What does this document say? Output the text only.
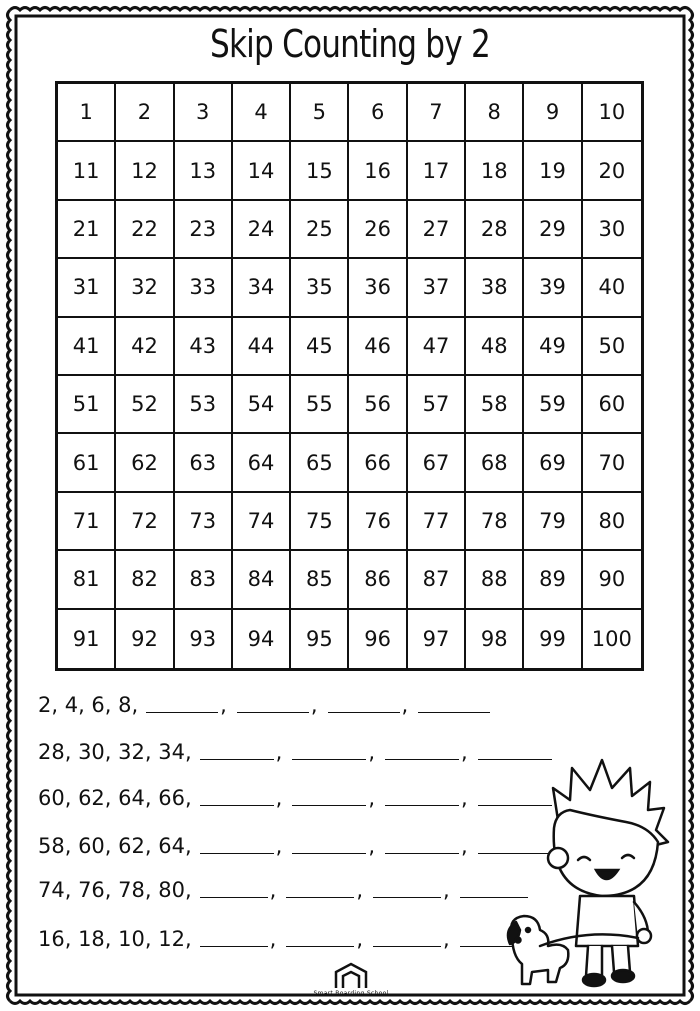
Skip Counting by 2
1	2	3	4	5	6	7	8	9	10
11	12	13	14	15	16	17	18	19	20
21	22	23	24	25	26	27	28	29	30
31	32	33	34	35	36	37	38	39	40
41	42	43	44	45	46	47	48	49	50
51	52	53	54	55	56	57	58	59	60
61	62	63	64	65	66	67	68	69	70
71	72	73	74	75	76	77	78	79	80
81	82	83	84	85	86	87	88	89	90
91	92	93	94	95	96	97	98	99	100
2, 4, 6, 8,	,	,	,
28, 30, 32, 34,	,	,	,
60, 62, 64, 66,	,	,	,
58, 60, 62, 64,	,	,	,
74, 76, 78, 80,	,	,	,
16, 18, 10, 12,	,	,	,
Smart Boarding School
